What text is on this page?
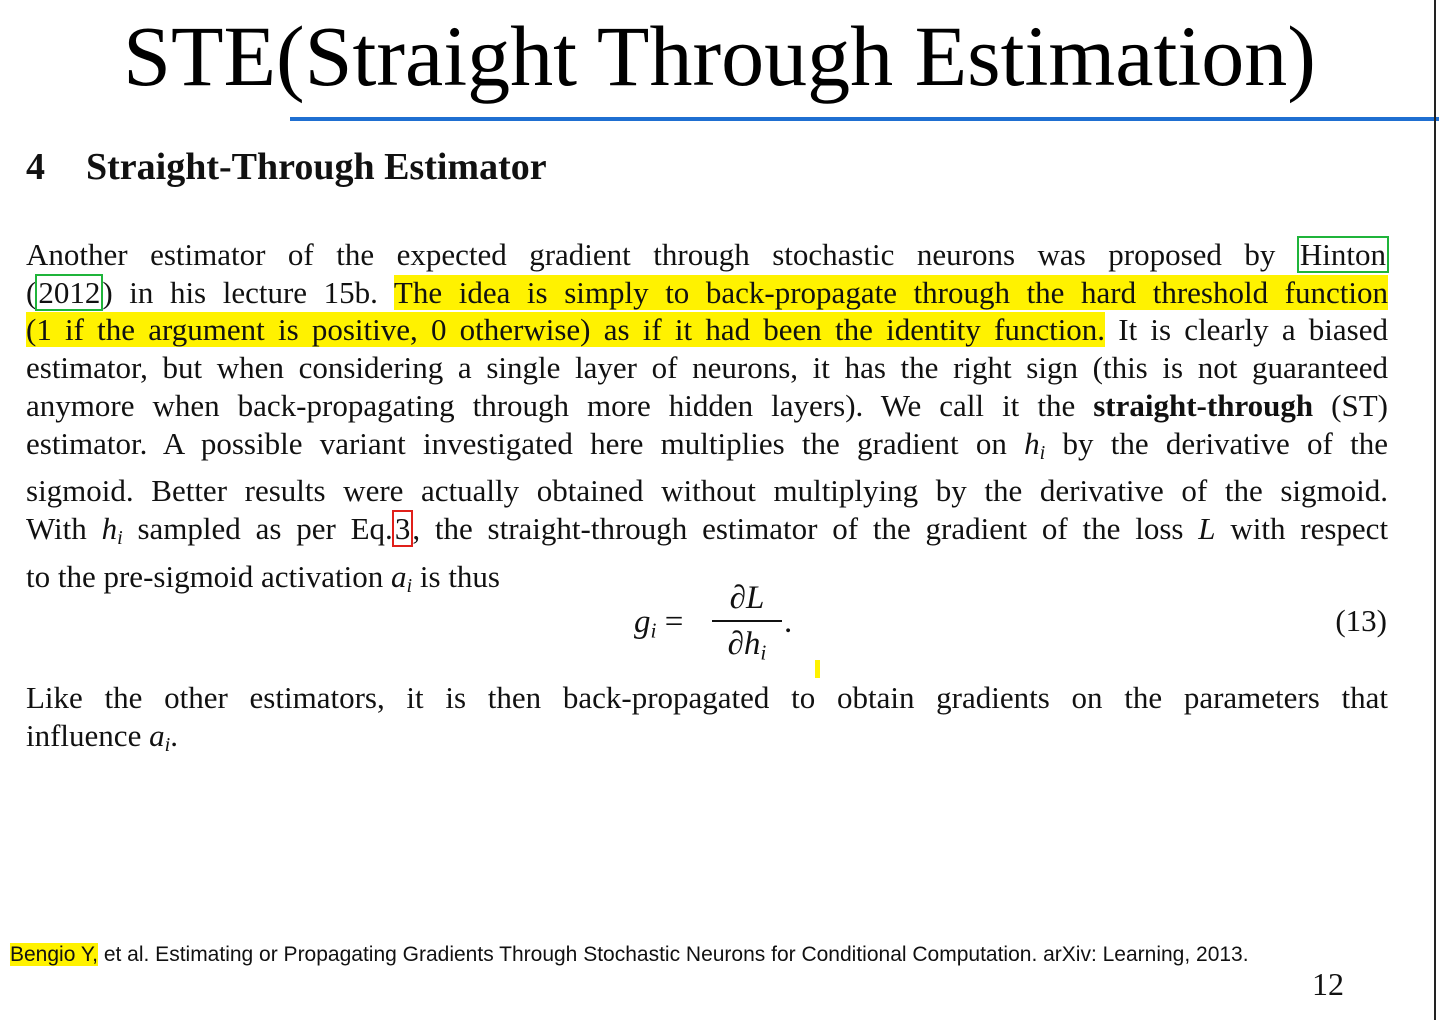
STE(Straight Through Estimation)
4 Straight-Through Estimator
Another estimator of the expected gradient through stochastic neurons was proposed by Hinton
(2012) in his lecture 15b. The idea is simply to back-propagate through the hard threshold function
(1 if the argument is positive, 0 otherwise) as if it had been the identity function. It is clearly a biased
estimator, but when considering a single layer of neurons, it has the right sign (this is not guaranteed
anymore when back-propagating through more hidden layers). We call it the straight-through (ST)
estimator. A possible variant investigated here multiplies the gradient on $h_i$ by the derivative of the
sigmoid. Better results were actually obtained without multiplying by the derivative of the sigmoid.
With $h_i$ sampled as per Eq.3, the straight-through estimator of the gradient of the loss L with respect
to the pre-sigmoid activation $a_i$ is thus
$g_i$ =
∂L
$\partial h_i$
.	(13)
Like the other estimators, it is then back-propagated to obtain gradients on the parameters that
influence $a_i$.
Bengio Y, et al. Estimating or Propagating Gradients Through Stochastic Neurons for Conditional Computation. arXiv: Learning, 2013.
12
